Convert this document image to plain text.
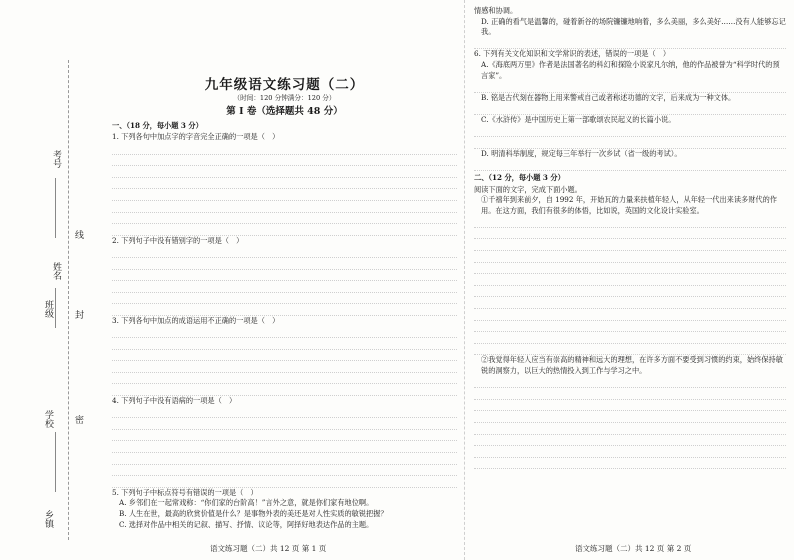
考号
姓名
班级
学校
乡镇
线
封
密
九年级语文练习题（二）
（时间：120 分钟满分：120 分）
第 I 卷（选择题共 48 分）

一、（18 分，每小题 3 分）

1. 下列各句中加点字的字音完全正确的一项是（　）

2. 下列句子中没有错别字的一项是（　）

3. 下列各句中加点的成语运用不正确的一项是（　）

4. 下列句子中没有语病的一项是（　）

5. 下列句子中标点符号有错误的一项是（　）

A. 乡邻们在一起常戏称：“你们家的台阶高！”言外之意，就是你们家有地位啊。

B. 人生在世，最高的欣赏价值是什么？是事物外表的美还是对人性实质的敏锐把握？

C. 选择对作品中相关的记叙、描写、抒情、议论等，阿择好地表达作品的主题。

语文练习题（二）共 12 页 第 1 页

情感和协调。

D. 正确的看气是温馨的，碰着新谷的场院镰镰地响着，多么美丽，多么美好……没有人能够忘记我。

6. 下列有关文化知识和文学常识的表述，错误的一项是（　）

A.《海底两万里》作者是法国著名的科幻和探险小说家凡尔纳，他的作品被誉为“科学时代的预言家”。

B. 铭是古代刻在器物上用来警戒自己或者称述功德的文字，后来成为一种文体。

C.《水浒传》是中国历史上第一部歌颂农民起义的长篇小说。

D. 明清科举制度，规定每三年举行一次乡试（省一级的考试）。

二、（12 分，每小题 3 分）

阅读下面的文字，完成下面小题。

①千禧年到来前夕，自 1992 年，开始瓦的力量来扶植年轻人，从年轻一代出来读多财代的作用。在这方面，我们有很多的体悟，比如说，英国的文化设计实验室。

②我觉得年轻人应当有崇高的精神和远大的理想，在许多方面不要受到习惯的约束，始终保持敏锐的洞察力，以巨大的热情投入到工作与学习之中。

语文练习题（二）共 12 页 第 2 页
